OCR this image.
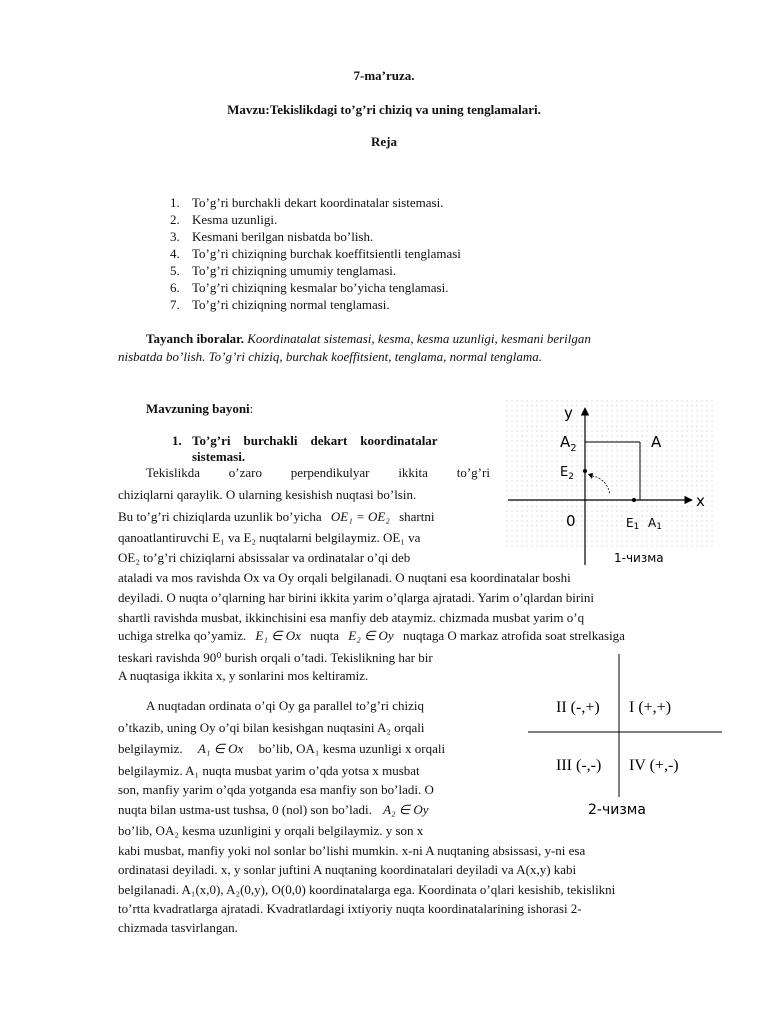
7-ma’ruza.
Mavzu:Tekislikdagi to’g’ri chiziq va uning tenglamalari.
Reja
1. To’g’ri burchakli dekart koordinatalar sistemasi.
2. Kesma uzunligi.
3. Kesmani berilgan nisbatda bo’lish.
4. To’g’ri chiziqning burchak koeffitsientli tenglamasi
5. To’g’ri chiziqning umumiy tenglamasi.
6. To’g’ri chiziqning kesmalar bo’yicha tenglamasi.
7. To’g’ri chiziqning normal tenglamasi.
Tayanch iboralar. Koordinatalat sistemasi, kesma, kesma uzunligi, kesmani berilgan
nisbatda bo’lish. To’g’ri chiziq, burchak koeffitsient, tenglama, normal tenglama.
Mavzuning bayoni:
1. To’g’ri    burchakli    dekart    koordinatalar
sistemasi.
Tekislikda o’zaro perpendikulyar ikkita to’g’ri
chiziqlarni qaraylik. O ularning kesishish nuqtasi bo’lsin.
Bu to’g’ri chiziqlarda uzunlik bo’yicha OE₁ = OE₂ shartni
qanoatlantiruvchi E₁ va E₂ nuqtalarni belgilaymiz. OE₁ va
OE₂ to’g’ri chiziqlarni absissalar va ordinatalar o’qi deb
ataladi va mos ravishda Ox va Oy orqali belgilanadi. O nuqtani esa koordinatalar boshi
deyiladi. O nuqta o’qlarning har birini ikkita yarim o’qlarga ajratadi. Yarim o’qlardan birini
shartli ravishda musbat, ikkinchisini esa manfiy deb ataymiz. chizmada musbat yarim o’q
uchiga strelka qo’yamiz. E₁ ∈ Ox nuqta E₂ ∈ Oy nuqtaga O markaz atrofida soat strelkasiga
teskari ravishda 90⁰ burish orqali o’tadi. Tekislikning har bir
A nuqtasiga ikkita x, y sonlarini mos keltiramiz.
A nuqtadan ordinata o’qi Oy ga parallel to’g’ri chiziq
o’tkazib, uning Oy o’qi bilan kesishgan nuqtasini A₂ orqali
belgilaymiz. A₁ ∈ Ox bo’lib, OA₁ kesma uzunligi x orqali
belgilaymiz. A₁ nuqta musbat yarim o’qda yotsa x musbat
son, manfiy yarim o’qda yotganda esa manfiy son bo’ladi. O
nuqta bilan ustma-ust tushsa, 0 (nol) son bo’ladi. A₂ ∈ Oy
bo’lib, OA₂ kesma uzunligini y orqali belgilaymiz. y son x
kabi musbat, manfiy yoki nol sonlar bo’lishi mumkin. x-ni A nuqtaning absissasi, y-ni esa
ordinatasi deyiladi. x, y sonlar juftini A nuqtaning koordinatalari deyiladi va A(x,y) kabi
belgilanadi. A₁(x,0), A₂(0,y), O(0,0) koordinatalarga ega. Koordinata o’qlari kesishib, tekislikni
to’rtta kvadratlarga ajratadi. Kvadratlardagi ixtiyoriy nuqta koordinatalarining ishorasi 2-
chizmada tasvirlangan.
y
x
$A_2$	A
$E_2$
0	E1 A1
1-чизма
II (-,+) I (+,+)
III (-,-) IV (+,-)
2-чизма
